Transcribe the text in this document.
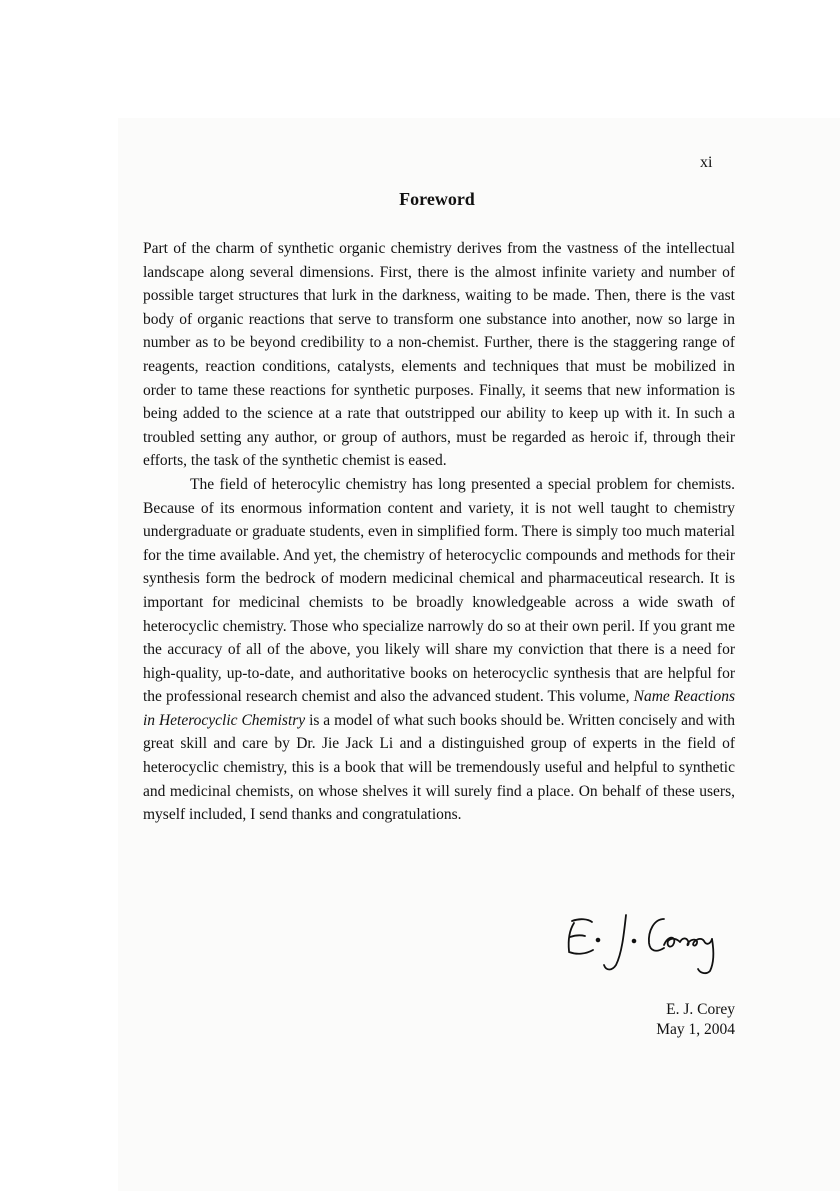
xi
Foreword

Part of the charm of synthetic organic chemistry derives from the vastness of the intellectual landscape along several dimensions. First, there is the almost infinite variety and number of possible target structures that lurk in the darkness, waiting to be made. Then, there is the vast body of organic reactions that serve to transform one substance into another, now so large in number as to be beyond credibility to a non-chemist. Further, there is the staggering range of reagents, reaction conditions, catalysts, elements and techniques that must be mobilized in order to tame these reactions for synthetic purposes. Finally, it seems that new information is being added to the science at a rate that outstripped our ability to keep up with it. In such a troubled setting any author, or group of authors, must be regarded as heroic if, through their efforts, the task of the synthetic chemist is eased.

The field of heterocylic chemistry has long presented a special problem for chemists. Because of its enormous information content and variety, it is not well taught to chemistry undergraduate or graduate students, even in simplified form. There is simply too much material for the time available. And yet, the chemistry of heterocyclic compounds and methods for their synthesis form the bedrock of modern medicinal chemical and pharmaceutical research. It is important for medicinal chemists to be broadly knowledgeable across a wide swath of heterocyclic chemistry. Those who specialize narrowly do so at their own peril. If you grant me the accuracy of all of the above, you likely will share my conviction that there is a need for high-quality, up-to-date, and authoritative books on heterocyclic synthesis that are helpful for the professional research chemist and also the advanced student. This volume, Name Reactions in Heterocyclic Chemistry is a model of what such books should be. Written concisely and with great skill and care by Dr. Jie Jack Li and a distinguished group of experts in the field of heterocyclic chemistry, this is a book that will be tremendously useful and helpful to synthetic and medicinal chemists, on whose shelves it will surely find a place. On behalf of these users, myself included, I send thanks and congratulations.

E. J. Corey
May 1, 2004
